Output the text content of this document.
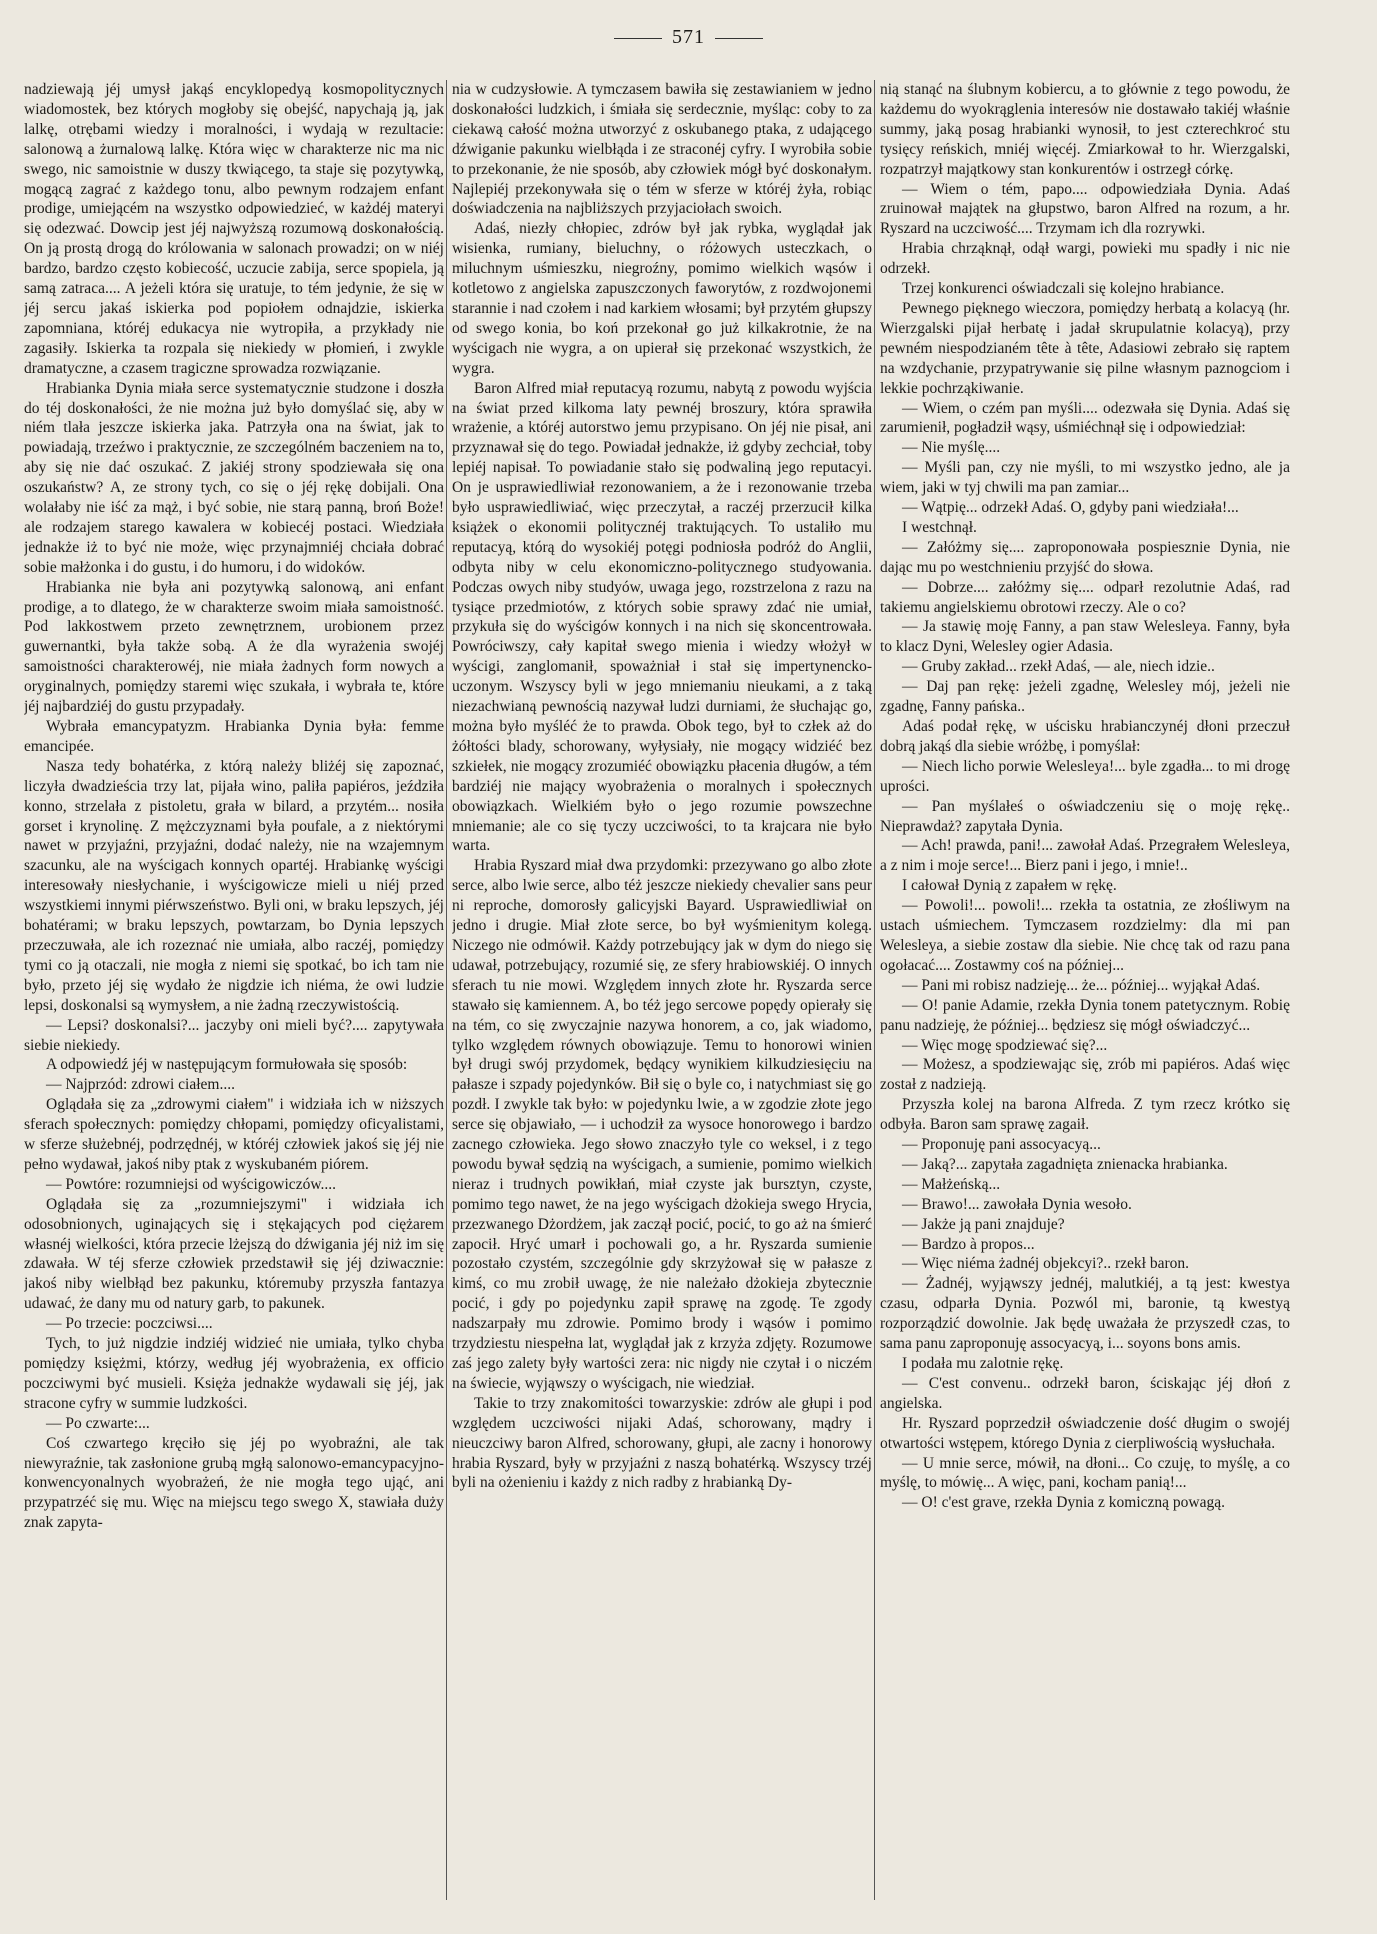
571

nadziewają jéj umysł jakąś encyklopedyą kosmopolitycznych wiadomostek, bez których mogłoby się obejść, napychają ją, jak lalkę, otrębami wiedzy i moralności, i wydają w rezultacie: salonową a żurnalową lalkę. Która więc w charakterze nic ma nic swego, nic samoistnie w duszy tkwiącego, ta staje się pozytywką, mogącą zagrać z każdego tonu, albo pewnym rodzajem enfant prodige, umiejącém na wszystko odpowiedzieć, w każdéj materyi się odezwać. Dowcip jest jéj najwyższą rozumową doskonałością. On ją prostą drogą do królowania w salonach prowadzi; on w niéj bardzo, bardzo często kobiecość, uczucie zabija, serce spopiela, ją samą zatraca.... A jeżeli która się uratuje, to tém jedynie, że się w jéj sercu jakaś iskierka pod popiołem odnajdzie, iskierka zapomniana, któréj edukacya nie wytropiła, a przykłady nie zagasiły. Iskierka ta rozpala się niekiedy w płomień, i zwykle dramatyczne, a czasem tragiczne sprowadza rozwiązanie.

Hrabianka Dynia miała serce systematycznie studzone i doszła do téj doskonałości, że nie można już było domyślać się, aby w niém tlała jeszcze iskierka jaka. Patrzyła ona na świat, jak to powiadają, trzeźwo i praktycznie, ze szczególném baczeniem na to, aby się nie dać oszukać. Z jakiéj strony spodziewała się ona oszukaństw? A, ze strony tych, co się o jéj rękę dobijali. Ona wolałaby nie iść za mąż, i być sobie, nie starą panną, broń Boże! ale rodzajem starego kawalera w kobiecéj postaci. Wiedziała jednakże iż to być nie może, więc przynajmniéj chciała dobrać sobie małżonka i do gustu, i do humoru, i do widoków.

Hrabianka nie była ani pozytywką salonową, ani enfant prodige, a to dlatego, że w charakterze swoim miała samoistność. Pod lakkostwem przeto zewnętrznem, urobionem przez guwernantki, była także sobą. A że dla wyrażenia swojéj samoistności charakterowéj, nie miała żadnych form nowych a oryginalnych, pomiędzy staremi więc szukała, i wybrała te, które jéj najbardziéj do gustu przypadały.

Wybrała emancypatyzm. Hrabianka Dynia była: femme emancipée.

Nasza tedy bohatérka, z którą należy bliżéj się zapoznać, liczyła dwadzieścia trzy lat, pijała wino, paliła papiéros, jeździła konno, strzelała z pistoletu, grała w bilard, a przytém... nosiła gorset i krynolinę. Z mężczyznami była poufale, a z niektórymi nawet w przyjaźni, przyjaźni, dodać należy, nie na wzajemnym szacunku, ale na wyścigach konnych opartéj. Hrabiankę wyścigi interesowały niesłychanie, i wyścigowicze mieli u niéj przed wszystkiemi innymi piérwszeństwo. Byli oni, w braku lepszych, jéj bohatérami; w braku lepszych, powtarzam, bo Dynia lepszych przeczuwała, ale ich rozeznać nie umiała, albo raczéj, pomiędzy tymi co ją otaczali, nie mogła z niemi się spotkać, bo ich tam nie było, przeto jéj się wydało że nigdzie ich niéma, że owi ludzie lepsi, doskonalsi są wymysłem, a nie żadną rzeczywistością.

— Lepsi? doskonalsi?... jaczyby oni mieli być?.... zapytywała siebie niekiedy.

A odpowiedź jéj w następującym formułowała się sposób:

— Najprzód: zdrowi ciałem....

Oglądała się za „zdrowymi ciałem" i widziała ich w niższych sferach społecznych: pomiędzy chłopami, pomiędzy oficyalistami, w sferze służebnéj, podrzędnéj, w któréj człowiek jakoś się jéj nie pełno wydawał, jakoś niby ptak z wyskubaném piórem.

— Powtóre: rozumniejsi od wyścigowiczów....

Oglądała się za „rozumniejszymi" i widziała ich odosobnionych, uginających się i stękających pod ciężarem własnéj wielkości, która przecie lżejszą do dźwigania jéj niż im się zdawała. W téj sferze człowiek przedstawił się jéj dziwacznie: jakoś niby wielbłąd bez pakunku, któremuby przyszła fantazya udawać, że dany mu od natury garb, to pakunek.

— Po trzecie: poczciwsi....

Tych, to już nigdzie indziéj widzieć nie umiała, tylko chyba pomiędzy księżmi, którzy, według jéj wyobrażenia, ex officio poczciwymi być musieli. Księża jednakże wydawali się jéj, jak stracone cyfry w summie ludzkości.

— Po czwarte:...

Coś czwartego kręciło się jéj po wyobraźni, ale tak niewyraźnie, tak zasłonione grubą mgłą salonowo-emancypacyjno-konwencyonalnych wyobrażeń, że nie mogła tego ująć, ani przypatrzéć się mu. Więc na miejscu tego swego X, stawiała duży znak zapyta-

nia w cudzysłowie. A tymczasem bawiła się zestawianiem w jedno doskonałości ludzkich, i śmiała się serdecznie, myśląc: coby to za ciekawą całość można utworzyć z oskubanego ptaka, z udającego dźwiganie pakunku wielbłąda i ze straconéj cyfry. I wyrobiła sobie to przekonanie, że nie sposób, aby człowiek mógł być doskonałym. Najlepiéj przekonywała się o tém w sferze w któréj żyła, robiąc doświadczenia na najbliższych przyjaciołach swoich.

Adaś, niezły chłopiec, zdrów był jak rybka, wyglądał jak wisienka, rumiany, bieluchny, o różowych usteczkach, o miluchnym uśmieszku, niegroźny, pomimo wielkich wąsów i kotletowo z angielska zapuszczonych faworytów, z rozdwojonemi starannie i nad czołem i nad karkiem włosami; był przytém głupszy od swego konia, bo koń przekonał go już kilkakrotnie, że na wyścigach nie wygra, a on upierał się przekonać wszystkich, że wygra.

Baron Alfred miał reputacyą rozumu, nabytą z powodu wyjścia na świat przed kilkoma laty pewnéj broszury, która sprawiła wrażenie, a któréj autorstwo jemu przypisano. On jéj nie pisał, ani przyznawał się do tego. Powiadał jednakże, iż gdyby zechciał, toby lepiéj napisał. To powiadanie stało się podwaliną jego reputacyi. On je usprawiedliwiał rezonowaniem, a że i rezonowanie trzeba było usprawiedliwiać, więc przeczytał, a raczéj przerzucił kilka książek o ekonomii politycznéj traktujących. To ustaliło mu reputacyą, którą do wysokiéj potęgi podniosła podróż do Anglii, odbyta niby w celu ekonomiczno-politycznego studyowania. Podczas owych niby studyów, uwaga jego, rozstrzelona z razu na tysiące przedmiotów, z których sobie sprawy zdać nie umiał, przykuła się do wyścigów konnych i na nich się skoncentrowała. Powróciwszy, cały kapitał swego mienia i wiedzy włożył w wyścigi, zanglomanił, spoważniał i stał się impertynencko-uczonym. Wszyscy byli w jego mniemaniu nieukami, a z taką niezachwianą pewnością nazywał ludzi durniami, że słuchając go, można było myśléć że to prawda. Obok tego, był to człek aż do żółtości blady, schorowany, wyłysiały, nie mogący widziéć bez szkiełek, nie mogący zrozumiéć obowiązku płacenia długów, a tém bardziéj nie mający wyobrażenia o moralnych i społecznych obowiązkach. Wielkiém było o jego rozumie powszechne mniemanie; ale co się tyczy uczciwości, to ta krajcara nie było warta.

Hrabia Ryszard miał dwa przydomki: przezywano go albo złote serce, albo lwie serce, albo téż jeszcze niekiedy chevalier sans peur ni reproche, domorosły galicyjski Bayard. Usprawiedliwiał on jedno i drugie. Miał złote serce, bo był wyśmienitym kolegą. Niczego nie odmówił. Każdy potrzebujący jak w dym do niego się udawał, potrzebujący, rozumié się, ze sfery hrabiowskiéj. O innych sferach tu nie mowi. Względem innych złote hr. Ryszarda serce stawało się kamiennem. A, bo téż jego sercowe popędy opierały się na tém, co się zwyczajnie nazywa honorem, a co, jak wiadomo, tylko względem równych obowiązuje. Temu to honorowi winien był drugi swój przydomek, będący wynikiem kilkudziesięciu na pałasze i szpady pojedynków. Bił się o byle co, i natychmiast się go pozdł. I zwykle tak było: w pojedynku lwie, a w zgodzie złote jego serce się objawiało, — i uchodził za wysoce honorowego i bardzo zacnego człowieka. Jego słowo znaczyło tyle co weksel, i z tego powodu bywał sędzią na wyścigach, a sumienie, pomimo wielkich nieraz i trudnych powikłań, miał czyste jak bursztyn, czyste, pomimo tego nawet, że na jego wyścigach dżokieja swego Hrycia, przezwanego Dżordżem, jak zaczął pocić, pocić, to go aż na śmierć zapocił. Hryć umarł i pochowali go, a hr. Ryszarda sumienie pozostało czystém, szczególnie gdy skrzyżował się w pałasze z kimś, co mu zrobił uwagę, że nie należało dżokieja zbytecznie pocić, i gdy po pojedynku zapił sprawę na zgodę. Te zgody nadszarpały mu zdrowie. Pomimo brody i wąsów i pomimo trzydziestu niespełna lat, wyglądał jak z krzyża zdjęty. Rozumowe zaś jego zalety były wartości zera: nic nigdy nie czytał i o niczém na świecie, wyjąwszy o wyścigach, nie wiedział.

Takie to trzy znakomitości towarzyskie: zdrów ale głupi i pod względem uczciwości nijaki Adaś, schorowany, mądry i nieuczciwy baron Alfred, schorowany, głupi, ale zacny i honorowy hrabia Ryszard, były w przyjaźni z naszą bohatérką. Wszyscy trzéj byli na ożenieniu i każdy z nich radby z hrabianką Dy-

nią stanąć na ślubnym kobiercu, a to głównie z tego powodu, że każdemu do wyokrąglenia interesów nie dostawało takiéj właśnie summy, jaką posag hrabianki wynosił, to jest czterechkroć stu tysięcy reńskich, mniéj więcéj. Zmiarkował to hr. Wierzgalski, rozpatrzył majątkowy stan konkurentów i ostrzegł córkę.

— Wiem o tém, papo.... odpowiedziała Dynia. Adaś zruinował majątek na głupstwo, baron Alfred na rozum, a hr. Ryszard na uczciwość.... Trzymam ich dla rozrywki.

Hrabia chrząknął, odął wargi, powieki mu spadły i nic nie odrzekł.

Trzej konkurenci oświadczali się kolejno hrabiance.

Pewnego pięknego wieczora, pomiędzy herbatą a kolacyą (hr. Wierzgalski pijał herbatę i jadał skrupulatnie kolacyą), przy pewném niespodzianém tête à tête, Adasiowi zebrało się raptem na wzdychanie, przypatrywanie się pilne własnym paznogciom i lekkie pochrząkiwanie.

— Wiem, o czém pan myśli.... odezwała się Dynia. Adaś się zarumienił, pogładził wąsy, uśmiéchnął się i odpowiedział:

— Nie myślę....

— Myśli pan, czy nie myśli, to mi wszystko jedno, ale ja wiem, jaki w tyj chwili ma pan zamiar...

— Wątpię... odrzekł Adaś. O, gdyby pani wiedziała!...

I westchnął.

— Załóżmy się.... zaproponowała pospiesznie Dynia, nie dając mu po westchnieniu przyjść do słowa.

— Dobrze.... załóżmy się.... odparł rezolutnie Adaś, rad takiemu angielskiemu obrotowi rzeczy. Ale o co?

— Ja stawię moję Fanny, a pan staw Welesleya. Fanny, była to klacz Dyni, Welesley ogier Adasia.

— Gruby zakład... rzekł Adaś, — ale, niech idzie..

— Daj pan rękę: jeżeli zgadnę, Welesley mój, jeżeli nie zgadnę, Fanny pańska..

Adaś podał rękę, w uścisku hrabianczynéj dłoni przeczuł dobrą jakąś dla siebie wróżbę, i pomyślał:

— Niech licho porwie Welesleya!... byle zgadła... to mi drogę uprości.

— Pan myślałeś o oświadczeniu się o moję rękę.. Nieprawdaż? zapytała Dynia.

— Ach! prawda, pani!... zawołał Adaś. Przegrałem Welesleya, a z nim i moje serce!... Bierz pani i jego, i mnie!..

I całował Dynią z zapałem w rękę.

— Powoli!... powoli!... rzekła ta ostatnia, ze złośliwym na ustach uśmiechem. Tymczasem rozdzielmy: dla mi pan Welesleya, a siebie zostaw dla siebie. Nie chcę tak od razu pana ogołacać.... Zostawmy coś na później...

— Pani mi robisz nadzieję... że... później... wyjąkał Adaś.

— O! panie Adamie, rzekła Dynia tonem patetycznym. Robię panu nadzieję, że później... będziesz się mógł oświadczyć...

— Więc mogę spodziewać się?...

— Możesz, a spodziewając się, zrób mi papiéros. Adaś więc został z nadzieją.

Przyszła kolej na barona Alfreda. Z tym rzecz krótko się odbyła. Baron sam sprawę zagaił.

— Proponuję pani assocyacyą...

— Jaką?... zapytała zagadnięta znienacka hrabianka.

— Małżeńską...

— Brawo!... zawołała Dynia wesoło.

— Jakże ją pani znajduje?

— Bardzo à propos...

— Więc niéma żadnéj objekcyi?.. rzekł baron.

— Żadnéj, wyjąwszy jednéj, malutkiéj, a tą jest: kwestya czasu, odparła Dynia. Pozwól mi, baronie, tą kwestyą rozporządzić dowolnie. Jak będę uważała że przyszedł czas, to sama panu zaproponuję assocyacyą, i... soyons bons amis.

I podała mu zalotnie rękę.

— C'est convenu.. odrzekł baron, ściskając jéj dłoń z angielska.

Hr. Ryszard poprzedził oświadczenie dość długim o swojéj otwartości wstępem, którego Dynia z cierpliwością wysłuchała.

— U mnie serce, mówił, na dłoni... Co czuję, to myślę, a co myślę, to mówię... A więc, pani, kocham panią!...

— O! c'est grave, rzekła Dynia z komiczną powagą.
